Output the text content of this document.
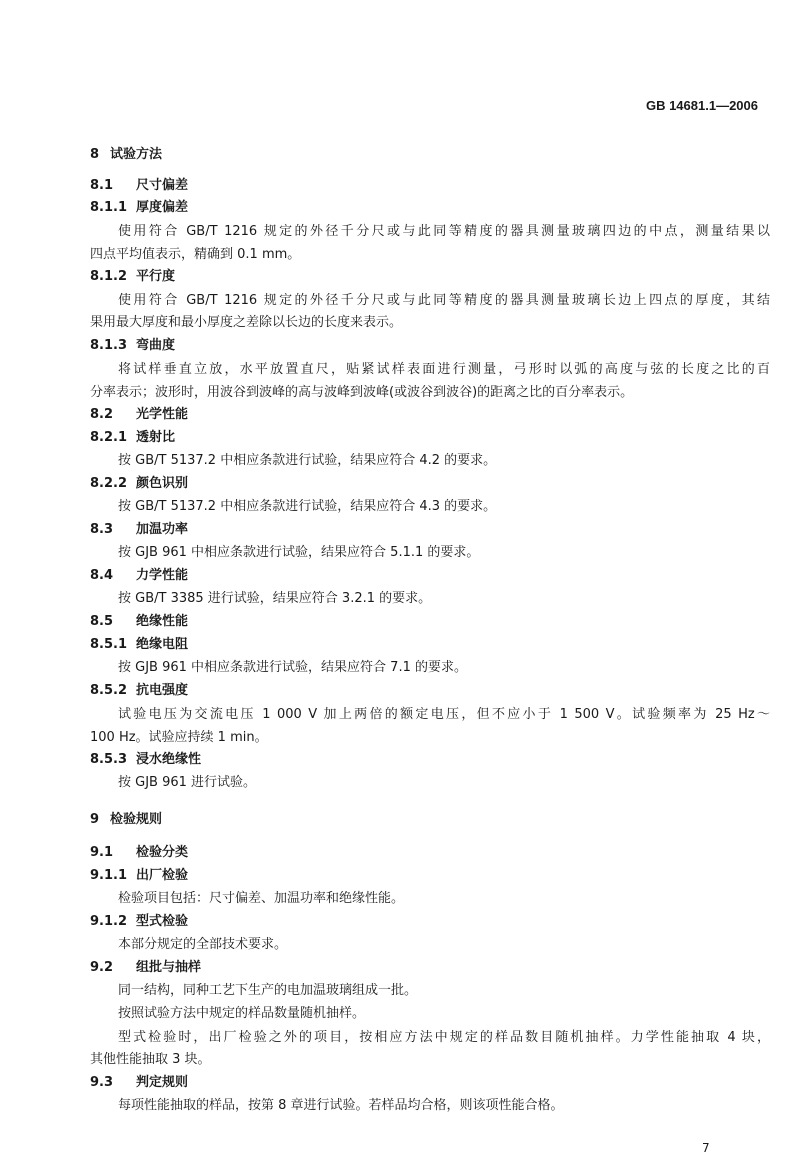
GB 14681.1—2006
8 试验方法
8.1 尺寸偏差
8.1.1 厚度偏差
使用符合 GB/T 1216 规定的外径千分尺或与此同等精度的器具测量玻璃四边的中点，测量结果以
四点平均值表示，精确到 0.1 mm。
8.1.2 平行度
使用符合 GB/T 1216 规定的外径千分尺或与此同等精度的器具测量玻璃长边上四点的厚度，其结
果用最大厚度和最小厚度之差除以长边的长度来表示。
8.1.3 弯曲度
将试样垂直立放，水平放置直尺，贴紧试样表面进行测量，弓形时以弧的高度与弦的长度之比的百
分率表示；波形时，用波谷到波峰的高与波峰到波峰(或波谷到波谷)的距离之比的百分率表示。
8.2 光学性能
8.2.1 透射比
按 GB/T 5137.2 中相应条款进行试验，结果应符合 4.2 的要求。
8.2.2 颜色识别
按 GB/T 5137.2 中相应条款进行试验，结果应符合 4.3 的要求。
8.3 加温功率
按 GJB 961 中相应条款进行试验，结果应符合 5.1.1 的要求。
8.4 力学性能
按 GB/T 3385 进行试验，结果应符合 3.2.1 的要求。
8.5 绝缘性能
8.5.1 绝缘电阻
按 GJB 961 中相应条款进行试验，结果应符合 7.1 的要求。
8.5.2 抗电强度
试验电压为交流电压 1 000 V 加上两倍的额定电压，但不应小于 1 500 V。试验频率为 25 Hz～
100 Hz。试验应持续 1 min。
8.5.3 浸水绝缘性
按 GJB 961 进行试验。
9 检验规则
9.1 检验分类
9.1.1 出厂检验
检验项目包括：尺寸偏差、加温功率和绝缘性能。
9.1.2 型式检验
本部分规定的全部技术要求。
9.2 组批与抽样
同一结构，同种工艺下生产的电加温玻璃组成一批。
按照试验方法中规定的样品数量随机抽样。
型式检验时，出厂检验之外的项目，按相应方法中规定的样品数目随机抽样。力学性能抽取 4 块，
其他性能抽取 3 块。
9.3 判定规则
每项性能抽取的样品，按第 8 章进行试验。若样品均合格，则该项性能合格。
7
